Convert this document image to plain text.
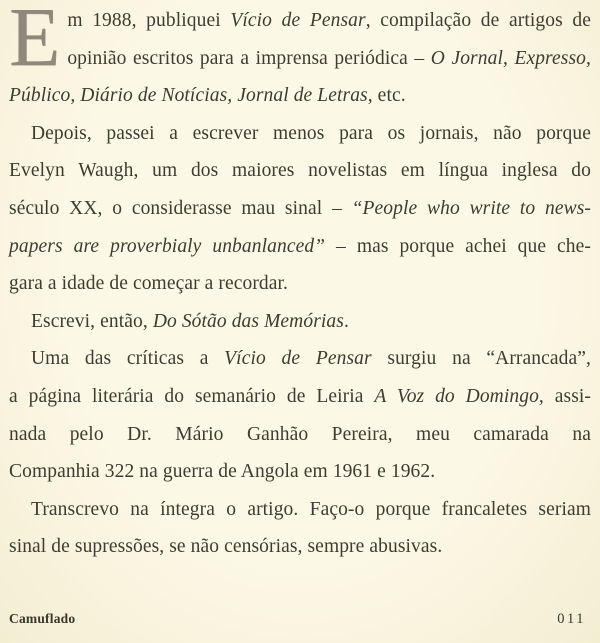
E m 1988, publiquei Vício de Pensar, compilação de artigos de
opinião escritos para a imprensa periódica – O Jornal, Expresso,
Público, Diário de Notícias, Jornal de Letras, etc.
Depois, passei a escrever menos para os jornais, não porque
Evelyn Waugh, um dos maiores novelistas em língua inglesa do
século XX, o considerasse mau sinal – “People who write to news-
papers are proverbialy unbanlanced” – mas porque achei que che-
gara a idade de começar a recordar.
Escrevi, então, Do Sótão das Memórias.
Uma das críticas a Vício de Pensar surgiu na “Arrancada”,
a página literária do semanário de Leiria A Voz do Domingo, assi-
nada pelo Dr. Mário Ganhão Pereira, meu camarada na
Companhia 322 na guerra de Angola em 1961 e 1962.
Transcrevo na íntegra o artigo. Faço-o porque francaletes seriam
sinal de supressões, se não censórias, sempre abusivas.
Camuflado	011
